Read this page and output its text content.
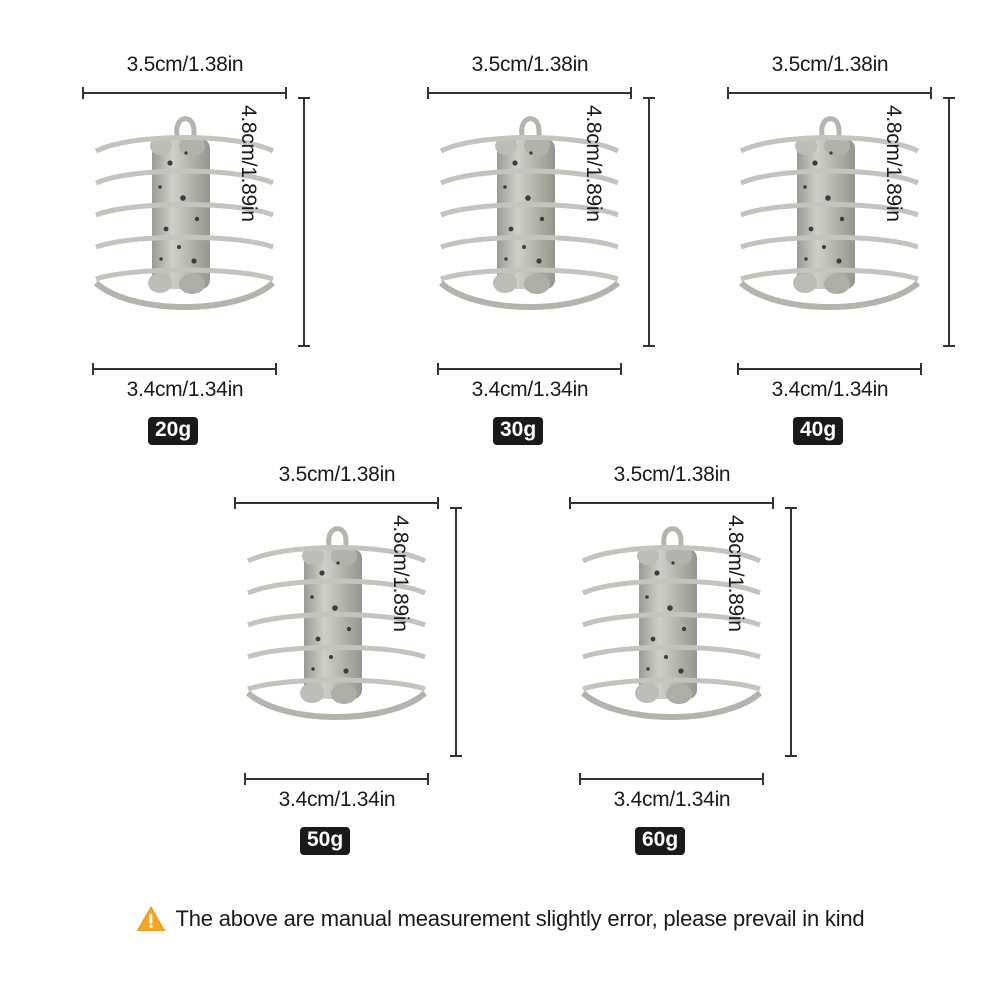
3.5cm/1.38in
4.8cm/1.89in
3.4cm/1.34in
20g
3.5cm/1.38in
4.8cm/1.89in
3.4cm/1.34in
30g
3.5cm/1.38in
4.8cm/1.89in
3.4cm/1.34in
40g
3.5cm/1.38in
4.8cm/1.89in
3.4cm/1.34in
50g
3.5cm/1.38in
4.8cm/1.89in
3.4cm/1.34in
60g
The above are manual measurement slightly error, please prevail in kind
